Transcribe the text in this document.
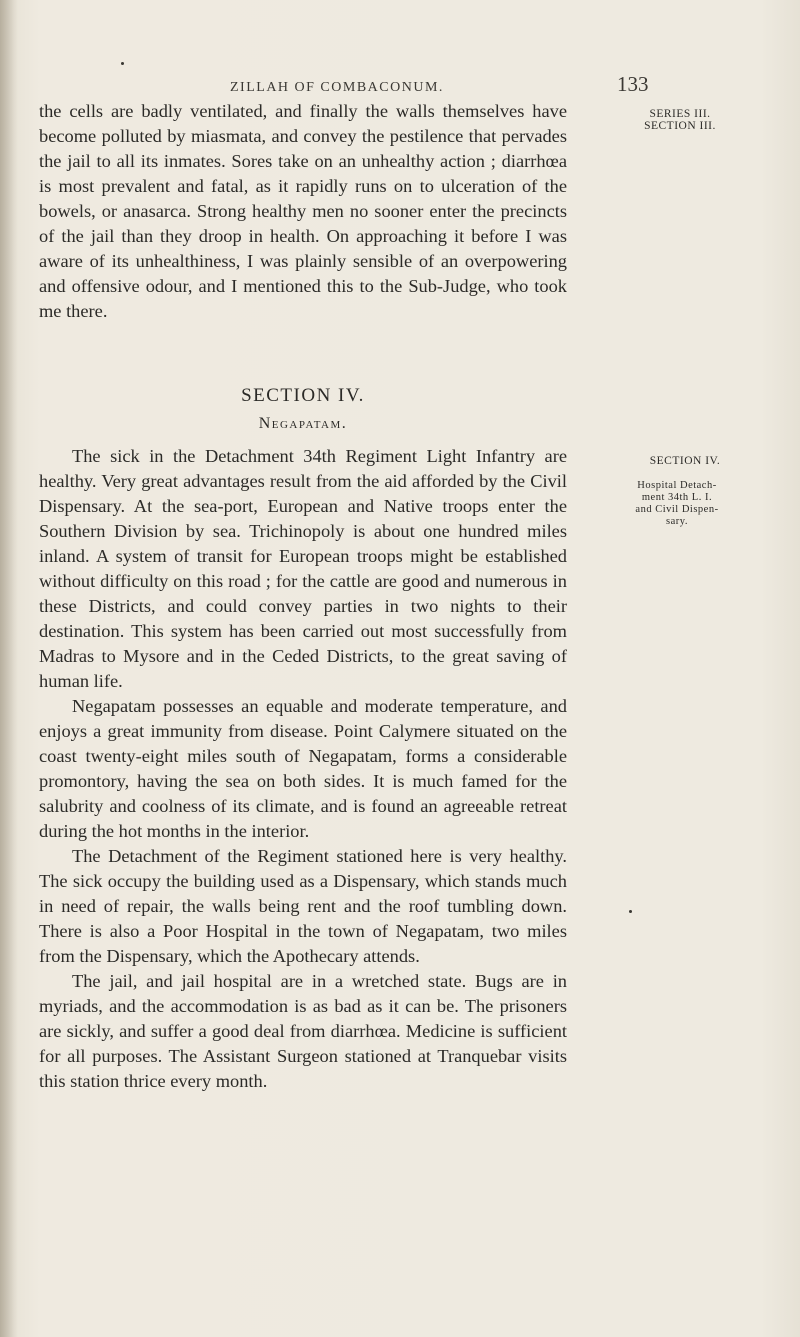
ZILLAH OF COMBACONUM.	133
SERIES III.
SECTION III.

the cells are badly ventilated, and finally the walls themselves have become polluted by miasmata, and convey the pestilence that pervades the jail to all its inmates. Sores take on an unhealthy action ; diarrhœa is most prevalent and fatal, as it rapidly runs on to ulceration of the bowels, or anasarca. Strong healthy men no sooner enter the precincts of the jail than they droop in health. On approaching it before I was aware of its unhealthiness, I was plainly sensible of an overpowering and offensive odour, and I mentioned this to the Sub-Judge, who took me there.

SECTION IV.
Negapatam.
SECTION IV.
Hospital Detach-
ment 34th L. I.
and Civil Dispen-
sary.

The sick in the Detachment 34th Regiment Light Infantry are healthy. Very great advantages result from the aid afforded by the Civil Dispensary. At the sea-port, European and Native troops enter the Southern Division by sea. Trichinopoly is about one hundred miles inland. A system of transit for European troops might be established without difficulty on this road ; for the cattle are good and numerous in these Districts, and could convey parties in two nights to their destination. This system has been carried out most successfully from Madras to Mysore and in the Ceded Districts, to the great saving of human life.

Negapatam possesses an equable and moderate temperature, and enjoys a great immunity from disease. Point Calymere situated on the coast twenty-eight miles south of Negapatam, forms a considerable promontory, having the sea on both sides. It is much famed for the salubrity and coolness of its climate, and is found an agreeable retreat during the hot months in the interior.

The Detachment of the Regiment stationed here is very healthy. The sick occupy the building used as a Dispensary, which stands much in need of repair, the walls being rent and the roof tumbling down. There is also a Poor Hospital in the town of Negapatam, two miles from the Dispensary, which the Apothecary attends.

The jail, and jail hospital are in a wretched state. Bugs are in myriads, and the accommodation is as bad as it can be. The prisoners are sickly, and suffer a good deal from diarrhœa. Medicine is sufficient for all purposes. The Assistant Surgeon stationed at Tranquebar visits this station thrice every month.
